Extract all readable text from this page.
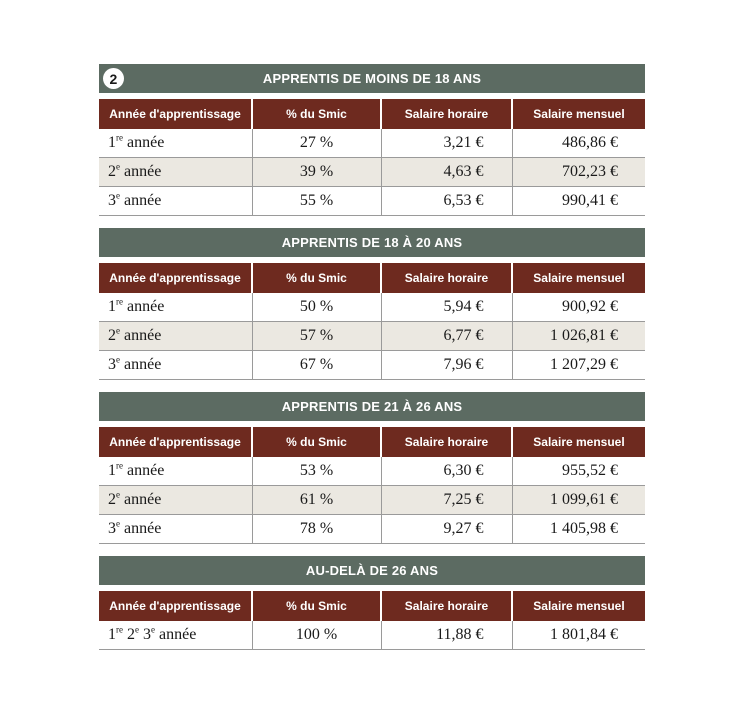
2	APPRENTIS DE MOINS DE 18 ANS
Année d'apprentissage	% du Smic	Salaire horaire	Salaire mensuel
1re année	27 %	3,21 €	486,86 €
2e année	39 %	4,63 €	702,23 €
3e année	55 %	6,53 €	990,41 €
APPRENTIS DE 18 À 20 ANS
Année d'apprentissage	% du Smic	Salaire horaire	Salaire mensuel
1re année	50 %	5,94 €	900,92 €
2e année	57 %	6,77 €	1 026,81 €
3e année	67 %	7,96 €	1 207,29 €
APPRENTIS DE 21 À 26 ANS
Année d'apprentissage	% du Smic	Salaire horaire	Salaire mensuel
1re année	53 %	6,30 €	955,52 €
2e année	61 %	7,25 €	1 099,61 €
3e année	78 %	9,27 €	1 405,98 €
AU-DELÀ DE 26 ANS
Année d'apprentissage	% du Smic	Salaire horaire	Salaire mensuel
1re 2e 3e année	100 %	11,88 €	1 801,84 €
